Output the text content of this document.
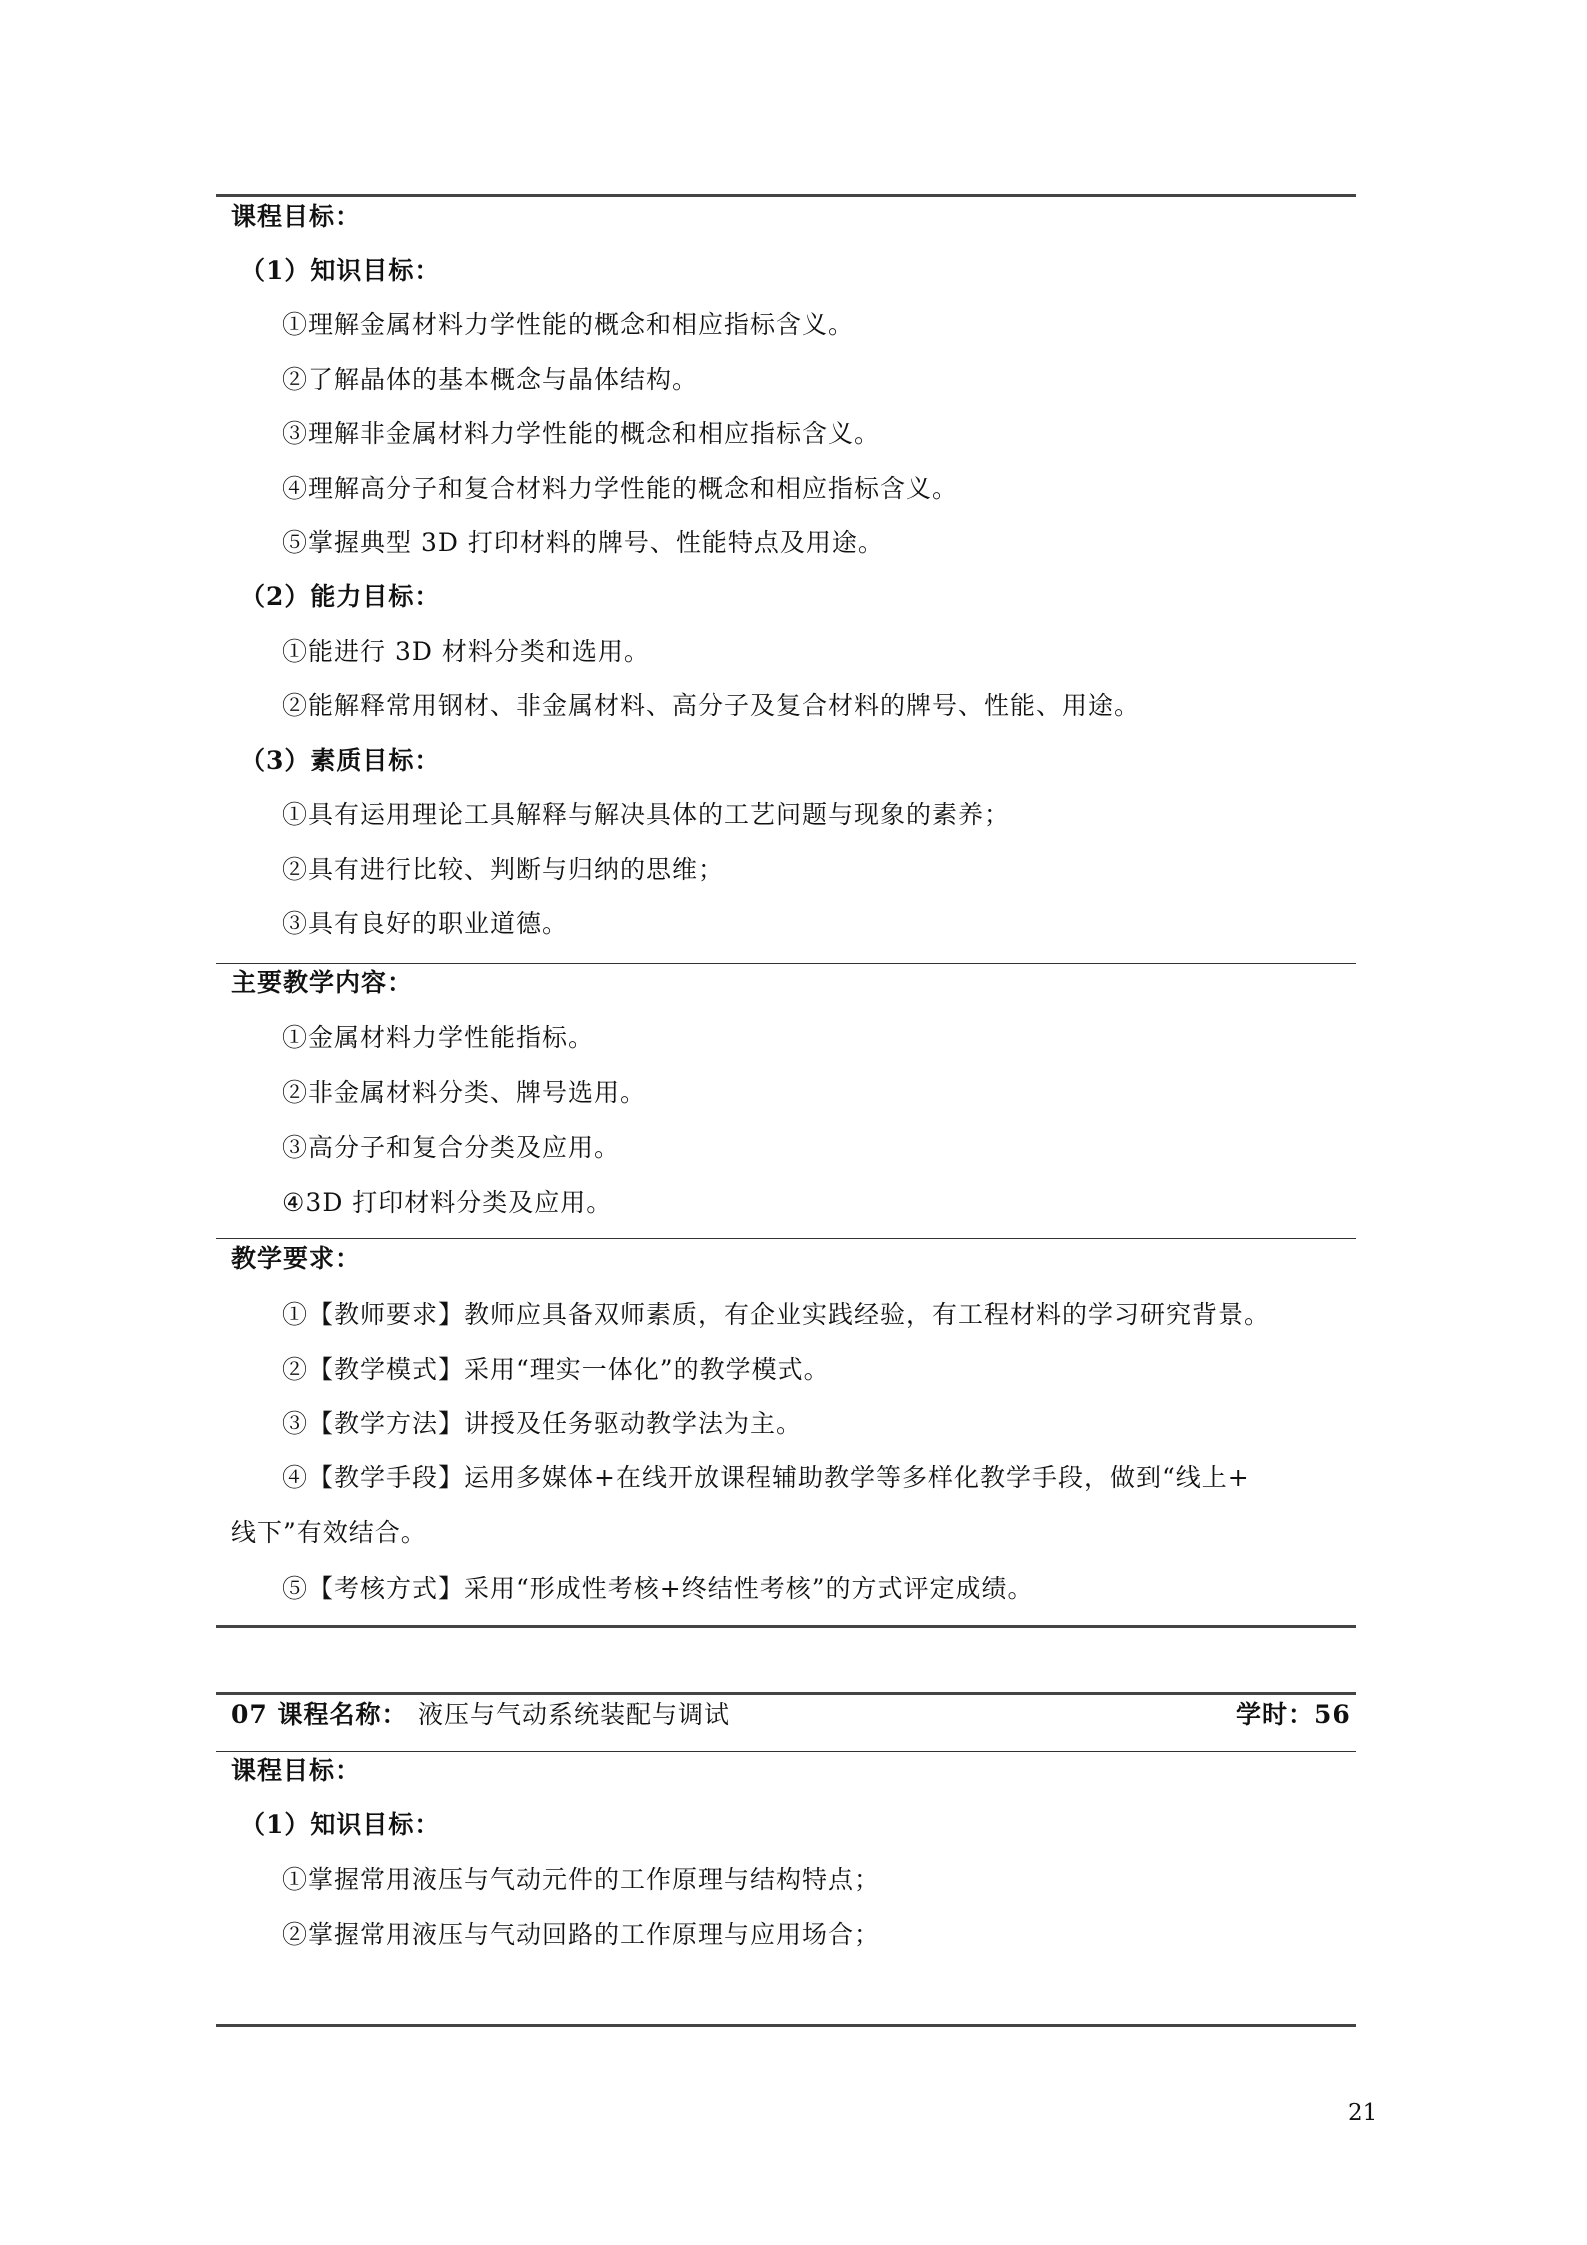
课程目标：
（1）知识目标：
①理解金属材料力学性能的概念和相应指标含义。
②了解晶体的基本概念与晶体结构。
③理解非金属材料力学性能的概念和相应指标含义。
④理解高分子和复合材料力学性能的概念和相应指标含义。
⑤掌握典型 3D 打印材料的牌号、性能特点及用途。
（2）能力目标：
①能进行 3D 材料分类和选用。
②能解释常用钢材、非金属材料、高分子及复合材料的牌号、性能、用途。
（3）素质目标：
①具有运用理论工具解释与解决具体的工艺问题与现象的素养；
②具有进行比较、判断与归纳的思维；
③具有良好的职业道德。
主要教学内容：
①金属材料力学性能指标。
②非金属材料分类、牌号选用。
③高分子和复合分类及应用。
④3D 打印材料分类及应用。
教学要求：
①【教师要求】教师应具备双师素质，有企业实践经验，有工程材料的学习研究背景。
②【教学模式】采用“理实一体化”的教学模式。
③【教学方法】讲授及任务驱动教学法为主。
④【教学手段】运用多媒体+在线开放课程辅助教学等多样化教学手段，做到“线上+
线下”有效结合。
⑤【考核方式】采用“形成性考核+终结性考核”的方式评定成绩。
07 课程名称： 液压与气动系统装配与调试	学时：56
课程目标：
（1）知识目标：
①掌握常用液压与气动元件的工作原理与结构特点；
②掌握常用液压与气动回路的工作原理与应用场合；
21
